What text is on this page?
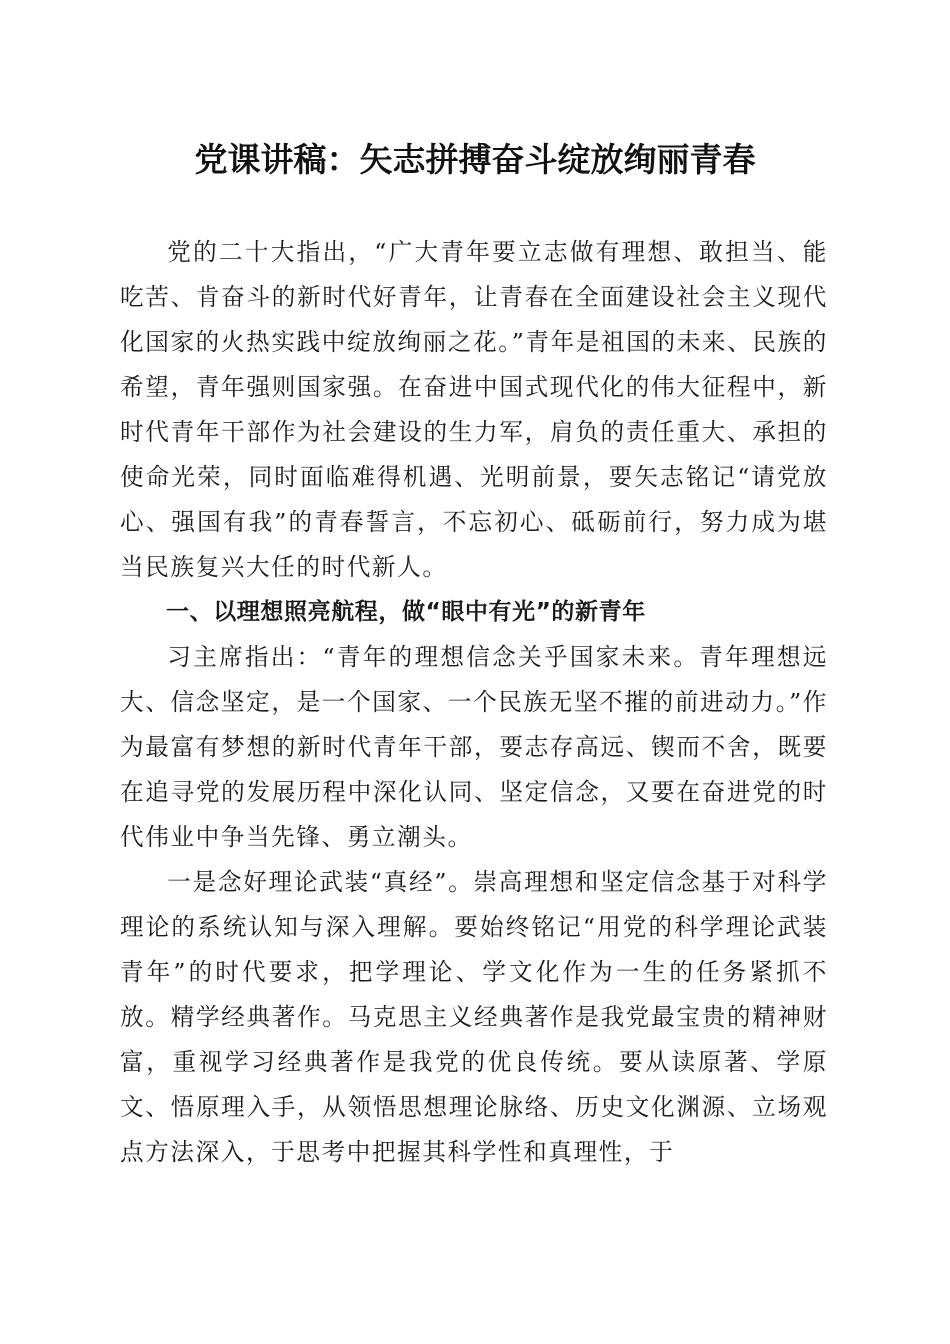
党课讲稿：矢志拼搏奋斗绽放绚丽青春

党的二十大指出，“广大青年要立志做有理想、敢担当、能吃苦、肯奋斗的新时代好青年，让青春在全面建设社会主义现代化国家的火热实践中绽放绚丽之花。”青年是祖国的未来、民族的希望，青年强则国家强。在奋进中国式现代化的伟大征程中，新时代青年干部作为社会建设的生力军，肩负的责任重大、承担的使命光荣，同时面临难得机遇、光明前景，要矢志铭记“请党放心、强国有我”的青春誓言，不忘初心、砥砺前行，努力成为堪当民族复兴大任的时代新人。

一、以理想照亮航程，做“眼中有光”的新青年

习主席指出：“青年的理想信念关乎国家未来。青年理想远大、信念坚定，是一个国家、一个民族无坚不摧的前进动力。”作为最富有梦想的新时代青年干部，要志存高远、锲而不舍，既要在追寻党的发展历程中深化认同、坚定信念，又要在奋进党的时代伟业中争当先锋、勇立潮头。

一是念好理论武装“真经”。崇高理想和坚定信念基于对科学理论的系统认知与深入理解。要始终铭记“用党的科学理论武装青年”的时代要求，把学理论、学文化作为一生的任务紧抓不放。精学经典著作。马克思主义经典著作是我党最宝贵的精神财富，重视学习经典著作是我党的优良传统。要从读原著、学原文、悟原理入手，从领悟思想理论脉络、历史文化渊源、立场观点方法深入，于思考中把握其科学性和真理性，于
